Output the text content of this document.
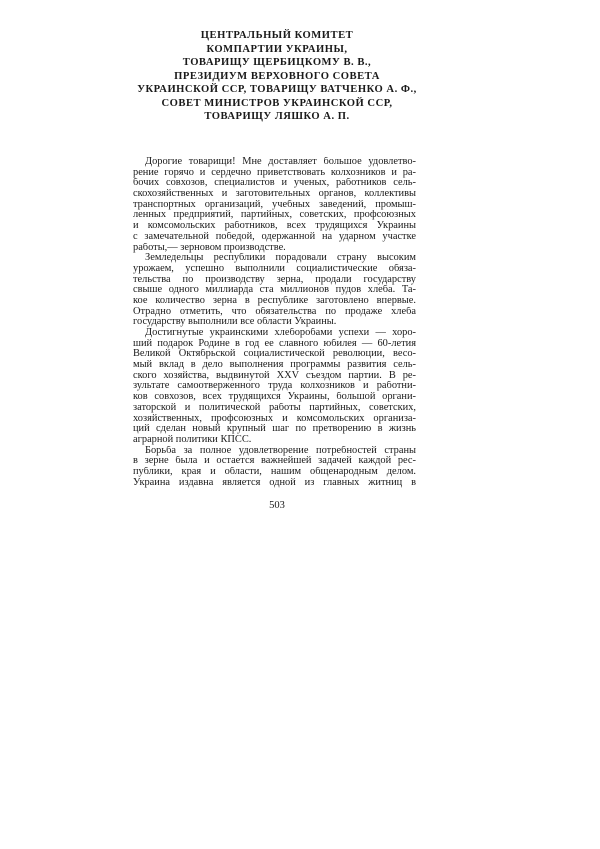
ЦЕНТРАЛЬНЫЙ КОМИТЕТ
КОМПАРТИИ УКРАИНЫ,
ТОВАРИЩУ ЩЕРБИЦКОМУ В. В.,
ПРЕЗИДИУМ ВЕРХОВНОГО СОВЕТА
УКРАИНСКОЙ ССР, ТОВАРИЩУ ВАТЧЕНКО А. Ф.,
СОВЕТ МИНИСТРОВ УКРАИНСКОЙ ССР,
ТОВАРИЩУ ЛЯШКО А. П.
Дорогие товарищи! Мне доставляет большое удовлетво-
рение горячо и сердечно приветствовать колхозников и ра-
бочих совхозов, специалистов и ученых, работников сель-
скохозяйственных и заготовительных органов, коллективы
транспортных организаций, учебных заведений, промыш-
ленных предприятий, партийных, советских, профсоюзных
и комсомольских работников, всех трудящихся Украины
с замечательной победой, одержанной на ударном участке
работы,— зерновом производстве.
Земледельцы республики порадовали страну высоким
урожаем, успешно выполнили социалистические обяза-
тельства по производству зерна, продали государству
свыше одного миллиарда ста миллионов пудов хлеба. Та-
кое количество зерна в республике заготовлено впервые.
Отрадно отметить, что обязательства по продаже хлеба
государству выполнили все области Украины.
Достигнутые украинскими хлеборобами успехи — хоро-
ший подарок Родине в год ее славного юбилея — 60-летия
Великой Октябрьской социалистической революции, весо-
мый вклад в дело выполнения программы развития сель-
ского хозяйства, выдвинутой XXV съездом партии. В ре-
зультате самоотверженного труда колхозников и работни-
ков совхозов, всех трудящихся Украины, большой органи-
заторской и политической работы партийных, советских,
хозяйственных, профсоюзных и комсомольских организа-
ций сделан новый крупный шаг по претворению в жизнь
аграрной политики КПСС.
Борьба за полное удовлетворение потребностей страны
в зерне была и остается важнейшей задачей каждой рес-
публики, края и области, нашим общенародным делом.
Украина издавна является одной из главных житниц в
503
